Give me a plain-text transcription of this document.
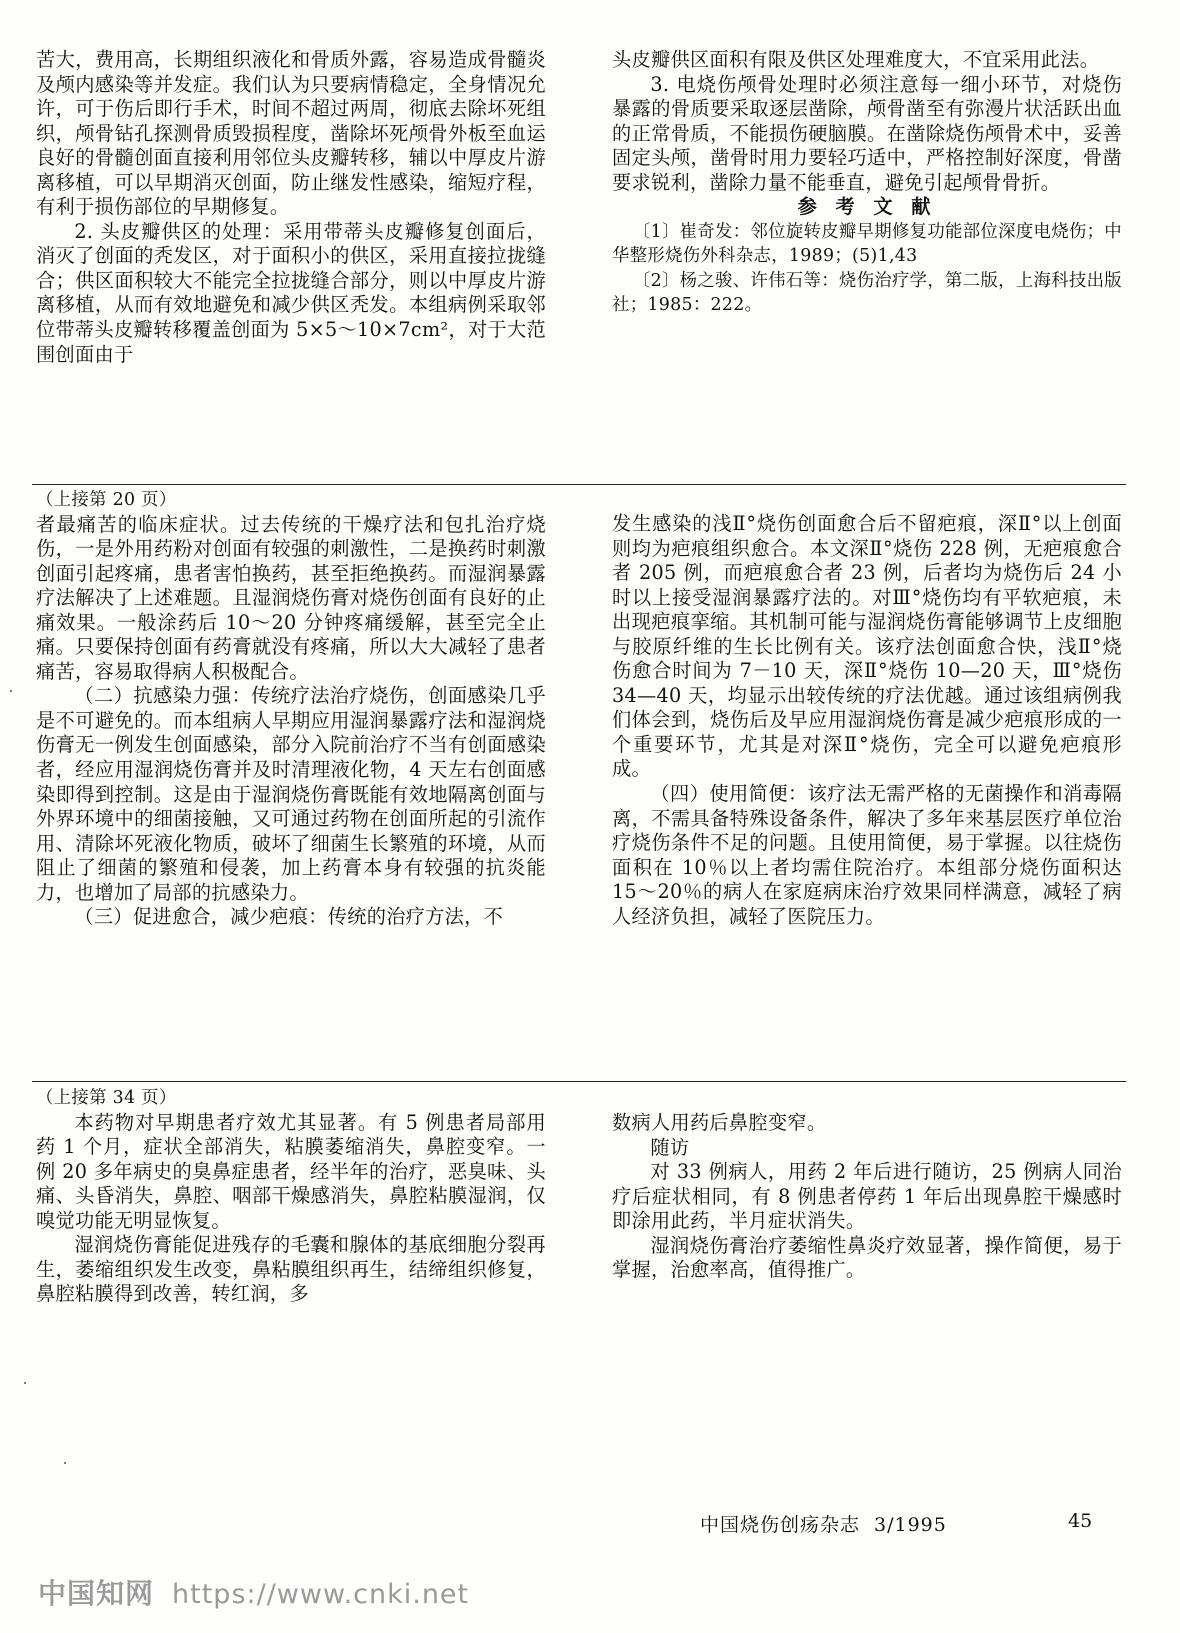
苦大，费用高，长期组织液化和骨质外露，容易造成骨髓炎及颅内感染等并发症。我们认为只要病情稳定，全身情况允许，可于伤后即行手术，时间不超过两周，彻底去除坏死组织，颅骨钻孔探测骨质毁损程度，凿除坏死颅骨外板至血运良好的骨髓创面直接利用邻位头皮瓣转移，辅以中厚皮片游离移植，可以早期消灭创面，防止继发性感染，缩短疗程，有利于损伤部位的早期修复。

2. 头皮瓣供区的处理：采用带蒂头皮瓣修复创面后，消灭了创面的秃发区，对于面积小的供区，采用直接拉拢缝合；供区面积较大不能完全拉拢缝合部分，则以中厚皮片游离移植，从而有效地避免和减少供区秃发。本组病例采取邻位带蒂头皮瓣转移覆盖创面为 5×5～10×7cm²，对于大范围创面由于

头皮瓣供区面积有限及供区处理难度大，不宜采用此法。

3. 电烧伤颅骨处理时必须注意每一细小环节，对烧伤暴露的骨质要采取逐层凿除，颅骨凿至有弥漫片状活跃出血的正常骨质，不能损伤硬脑膜。在凿除烧伤颅骨术中，妥善固定头颅，凿骨时用力要轻巧适中，严格控制好深度，骨凿要求锐利，凿除力量不能垂直，避免引起颅骨骨折。

参 考 文 献

〔1〕崔奇发：邻位旋转皮瓣早期修复功能部位深度电烧伤；中华整形烧伤外科杂志，1989；(5)1,43

〔2〕杨之骏、许伟石等：烧伤治疗学，第二版，上海科技出版社；1985：222。

（上接第 20 页）

者最痛苦的临床症状。过去传统的干燥疗法和包扎治疗烧伤，一是外用药粉对创面有较强的刺激性，二是换药时刺激创面引起疼痛，患者害怕换药，甚至拒绝换药。而湿润暴露疗法解决了上述难题。且湿润烧伤膏对烧伤创面有良好的止痛效果。一般涂药后 10～20 分钟疼痛缓解，甚至完全止痛。只要保持创面有药膏就没有疼痛，所以大大减轻了患者痛苦，容易取得病人积极配合。

（二）抗感染力强：传统疗法治疗烧伤，创面感染几乎是不可避免的。而本组病人早期应用湿润暴露疗法和湿润烧伤膏无一例发生创面感染，部分入院前治疗不当有创面感染者，经应用湿润烧伤膏并及时清理液化物，4 天左右创面感染即得到控制。这是由于湿润烧伤膏既能有效地隔离创面与外界环境中的细菌接触，又可通过药物在创面所起的引流作用、清除坏死液化物质，破坏了细菌生长繁殖的环境，从而阻止了细菌的繁殖和侵袭，加上药膏本身有较强的抗炎能力，也增加了局部的抗感染力。

（三）促进愈合，减少疤痕：传统的治疗方法，不

发生感染的浅Ⅱ°烧伤创面愈合后不留疤痕，深Ⅱ°以上创面则均为疤痕组织愈合。本文深Ⅱ°烧伤 228 例，无疤痕愈合者 205 例，而疤痕愈合者 23 例，后者均为烧伤后 24 小时以上接受湿润暴露疗法的。对Ⅲ°烧伤均有平软疤痕，未出现疤痕挛缩。其机制可能与湿润烧伤膏能够调节上皮细胞与胶原纤维的生长比例有关。该疗法创面愈合快，浅Ⅱ°烧伤愈合时间为 7－10 天，深Ⅱ°烧伤 10—20 天，Ⅲ°烧伤 34—40 天，均显示出较传统的疗法优越。通过该组病例我们体会到，烧伤后及早应用湿润烧伤膏是减少疤痕形成的一个重要环节，尤其是对深Ⅱ°烧伤，完全可以避免疤痕形成。

（四）使用简便：该疗法无需严格的无菌操作和消毒隔离，不需具备特殊设备条件，解决了多年来基层医疗单位治疗烧伤条件不足的问题。且使用简便，易于掌握。以往烧伤面积在 10％以上者均需住院治疗。本组部分烧伤面积达 15～20％的病人在家庭病床治疗效果同样满意，减轻了病人经济负担，减轻了医院压力。

（上接第 34 页）

本药物对早期患者疗效尤其显著。有 5 例患者局部用药 1 个月，症状全部消失，粘膜萎缩消失，鼻腔变窄。一例 20 多年病史的臭鼻症患者，经半年的治疗，恶臭味、头痛、头昏消失，鼻腔、咽部干燥感消失，鼻腔粘膜湿润，仅嗅觉功能无明显恢复。

湿润烧伤膏能促进残存的毛囊和腺体的基底细胞分裂再生，萎缩组织发生改变，鼻粘膜组织再生，结缔组织修复，鼻腔粘膜得到改善，转红润，多

数病人用药后鼻腔变窄。

随访

对 33 例病人，用药 2 年后进行随访，25 例病人同治疗后症状相同，有 8 例患者停药 1 年后出现鼻腔干燥感时即涂用此药，半月症状消失。

湿润烧伤膏治疗萎缩性鼻炎疗效显著，操作简便，易于掌握，治愈率高，值得推广。

中国烧伤创疡杂志 3/1995	45
中国知网 https://www.cnki.net
